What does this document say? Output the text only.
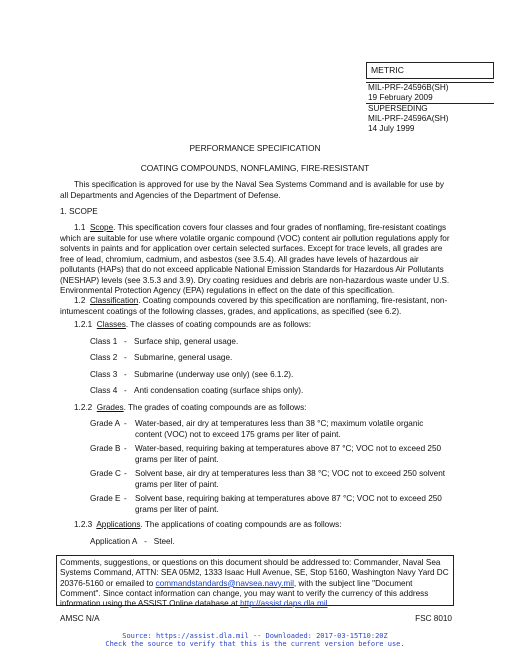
METRIC
MIL-PRF-24596B(SH)
19 February 2009
SUPERSEDING
MIL-PRF-24596A(SH)
14 July 1999
PERFORMANCE SPECIFICATION
COATING COMPOUNDS, NONFLAMING, FIRE-RESISTANT
This specification is approved for use by the Naval Sea Systems Command and is available for use by all Departments and Agencies of the Department of Defense.
1. SCOPE
1.1 Scope. This specification covers four classes and four grades of nonflaming, fire-resistant coatings which are suitable for use where volatile organic compound (VOC) content air pollution regulations apply for solvents in paints and for application over certain selected surfaces. Except for trace levels, all grades are free of lead, chromium, cadmium, and asbestos (see 3.5.4). All grades have levels of hazardous air pollutants (HAPs) that do not exceed applicable National Emission Standards for Hazardous Air Pollutants (NESHAP) levels (see 3.5.3 and 3.9). Dry coating residues and debris are non-hazardous waste under U.S. Environmental Protection Agency (EPA) regulations in effect on the date of this specification.
1.2 Classification. Coating compounds covered by this specification are nonflaming, fire-resistant, non-intumescent coatings of the following classes, grades, and applications, as specified (see 6.2).
1.2.1 Classes. The classes of coating compounds are as follows:
Class 1 - Surface ship, general usage.
Class 2 - Submarine, general usage.
Class 3 - Submarine (underway use only) (see 6.1.2).
Class 4 - Anti condensation coating (surface ships only).
1.2.2 Grades. The grades of coating compounds are as follows:
Grade A - Water-based, air dry at temperatures less than 38 °C; maximum volatile organic content (VOC) not to exceed 175 grams per liter of paint.
Grade B - Water-based, requiring baking at temperatures above 87 °C; VOC not to exceed 250 grams per liter of paint.
Grade C - Solvent base, air dry at temperatures less than 38 °C; VOC not to exceed 250 solvent grams per liter of paint.
Grade E - Solvent base, requiring baking at temperatures above 87 °C; VOC not to exceed 250 grams per liter of paint.
1.2.3 Applications. The applications of coating compounds are as follows:
Application A - Steel.
Comments, suggestions, or questions on this document should be addressed to: Commander, Naval Sea Systems Command, ATTN: SEA 05M2, 1333 Isaac Hull Avenue, SE, Stop 5160, Washington Navy Yard DC 20376-5160 or emailed to commandstandards@navsea.navy.mil, with the subject line "Document Comment". Since contact information can change, you may want to verify the currency of this address information using the ASSIST Online database at http://assist.daps.dla.mil.
AMSC N/A	FSC 8010
Source: https://assist.dla.mil -- Downloaded: 2017-03-15T10:20Z
Check the source to verify that this is the current version before use.
